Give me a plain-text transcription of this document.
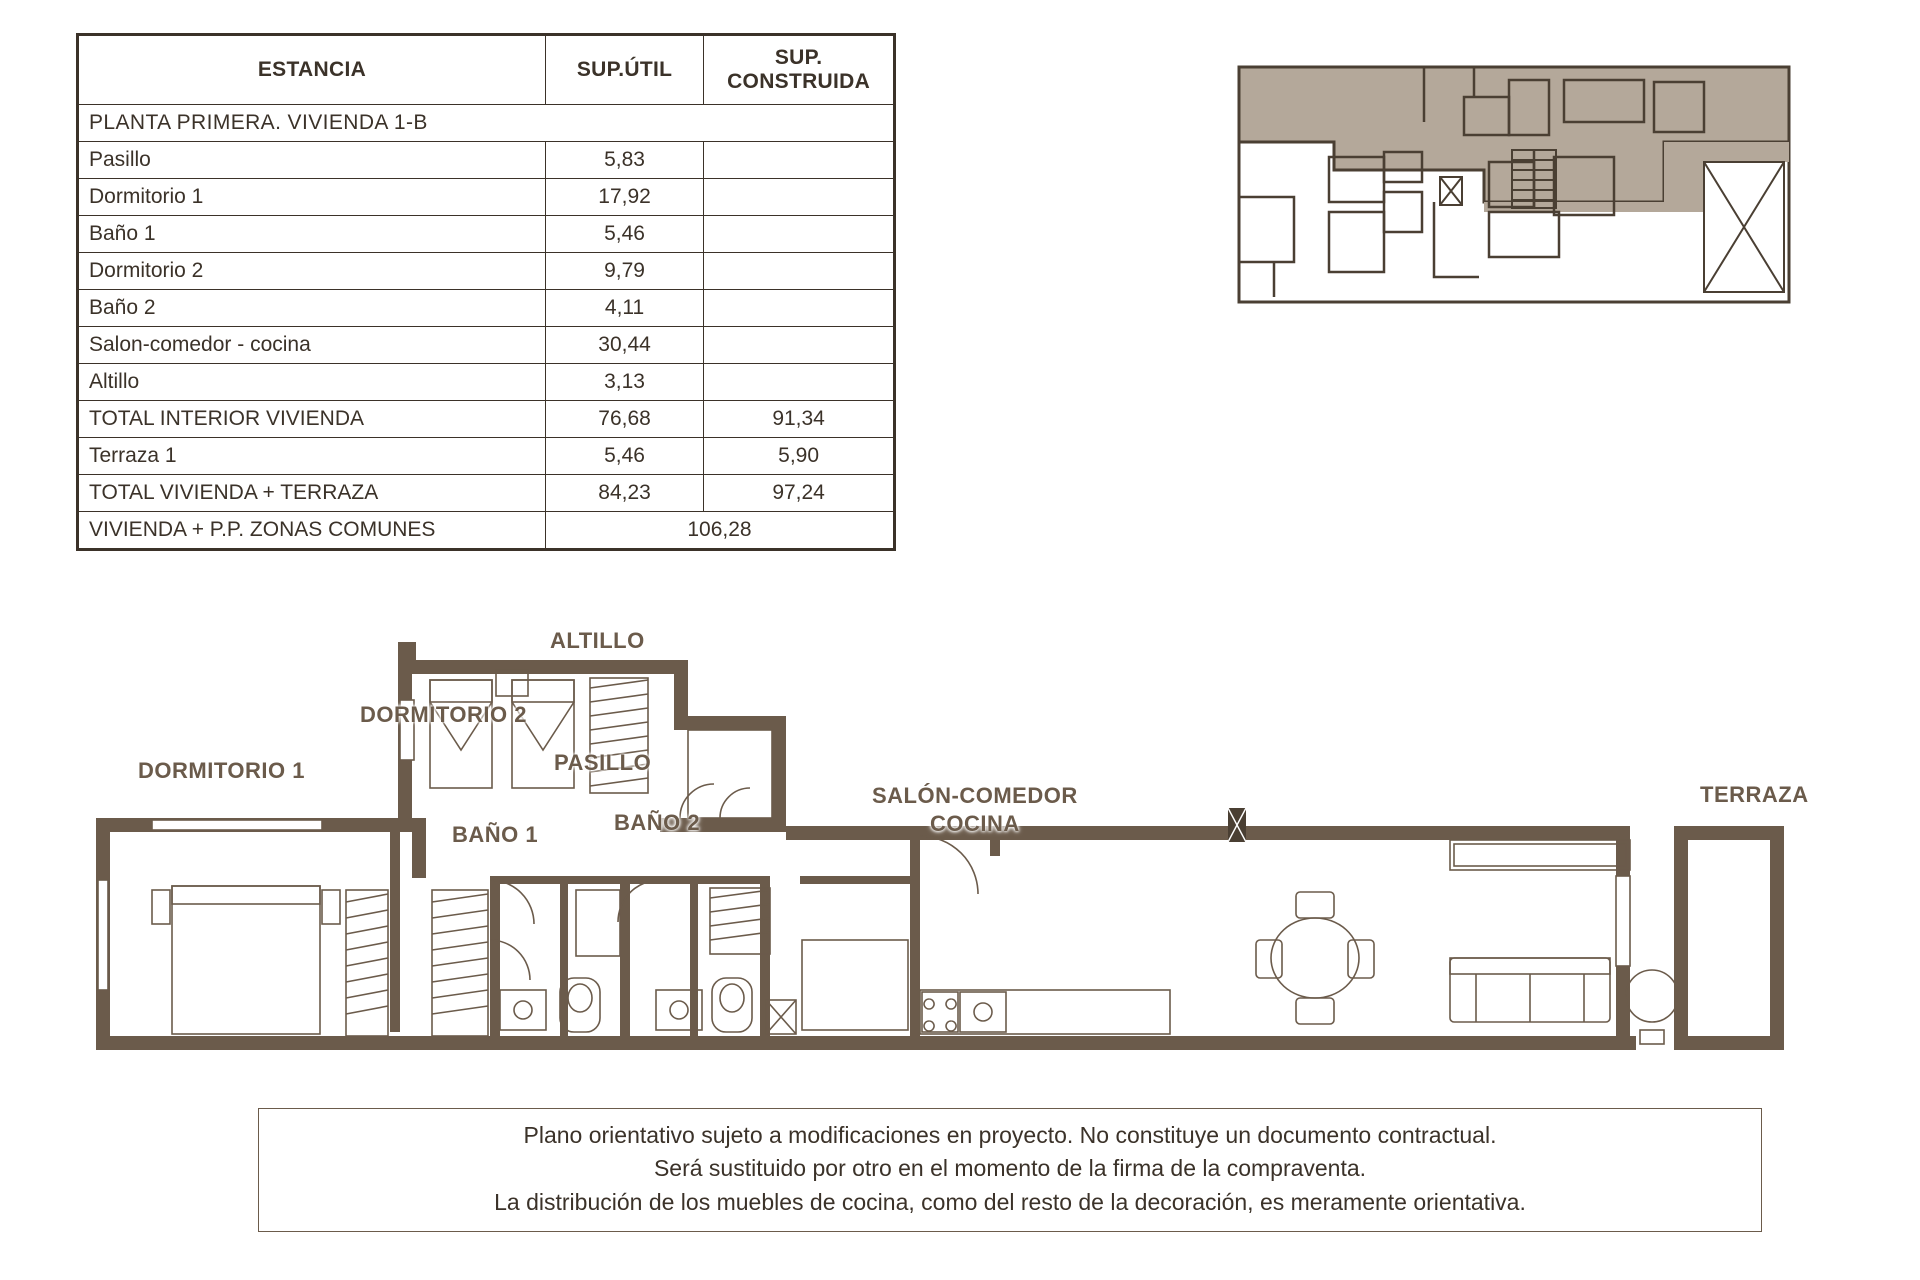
ESTANCIA	SUP.ÚTIL	SUP. CONSTRUIDA
PLANTA PRIMERA. VIVIENDA 1-B		
Pasillo	5,83	
Dormitorio 1	17,92	
Baño 1	5,46	
Dormitorio 2	9,79	
Baño 2	4,11	
Salon-comedor - cocina	30,44	
Altillo	3,13	
TOTAL INTERIOR VIVIENDA	76,68	91,34
Terraza 1	5,46	5,90
TOTAL VIVIENDA + TERRAZA	84,23	97,24
VIVIENDA + P.P. ZONAS COMUNES	106,28	
DORMITORIO 2
ALTILLO
DORMITORIO 1	PASILLO
BAÑO 1	BAÑO 2
SALÓN-COMEDOR
COCINA
TERRAZA

Plano orientativo sujeto a modificaciones en proyecto. No constituye un documento contractual.

Será sustituido por otro en el momento de la firma de la compraventa.

La distribución de los muebles de cocina, como del resto de la decoración, es meramente orientativa.
